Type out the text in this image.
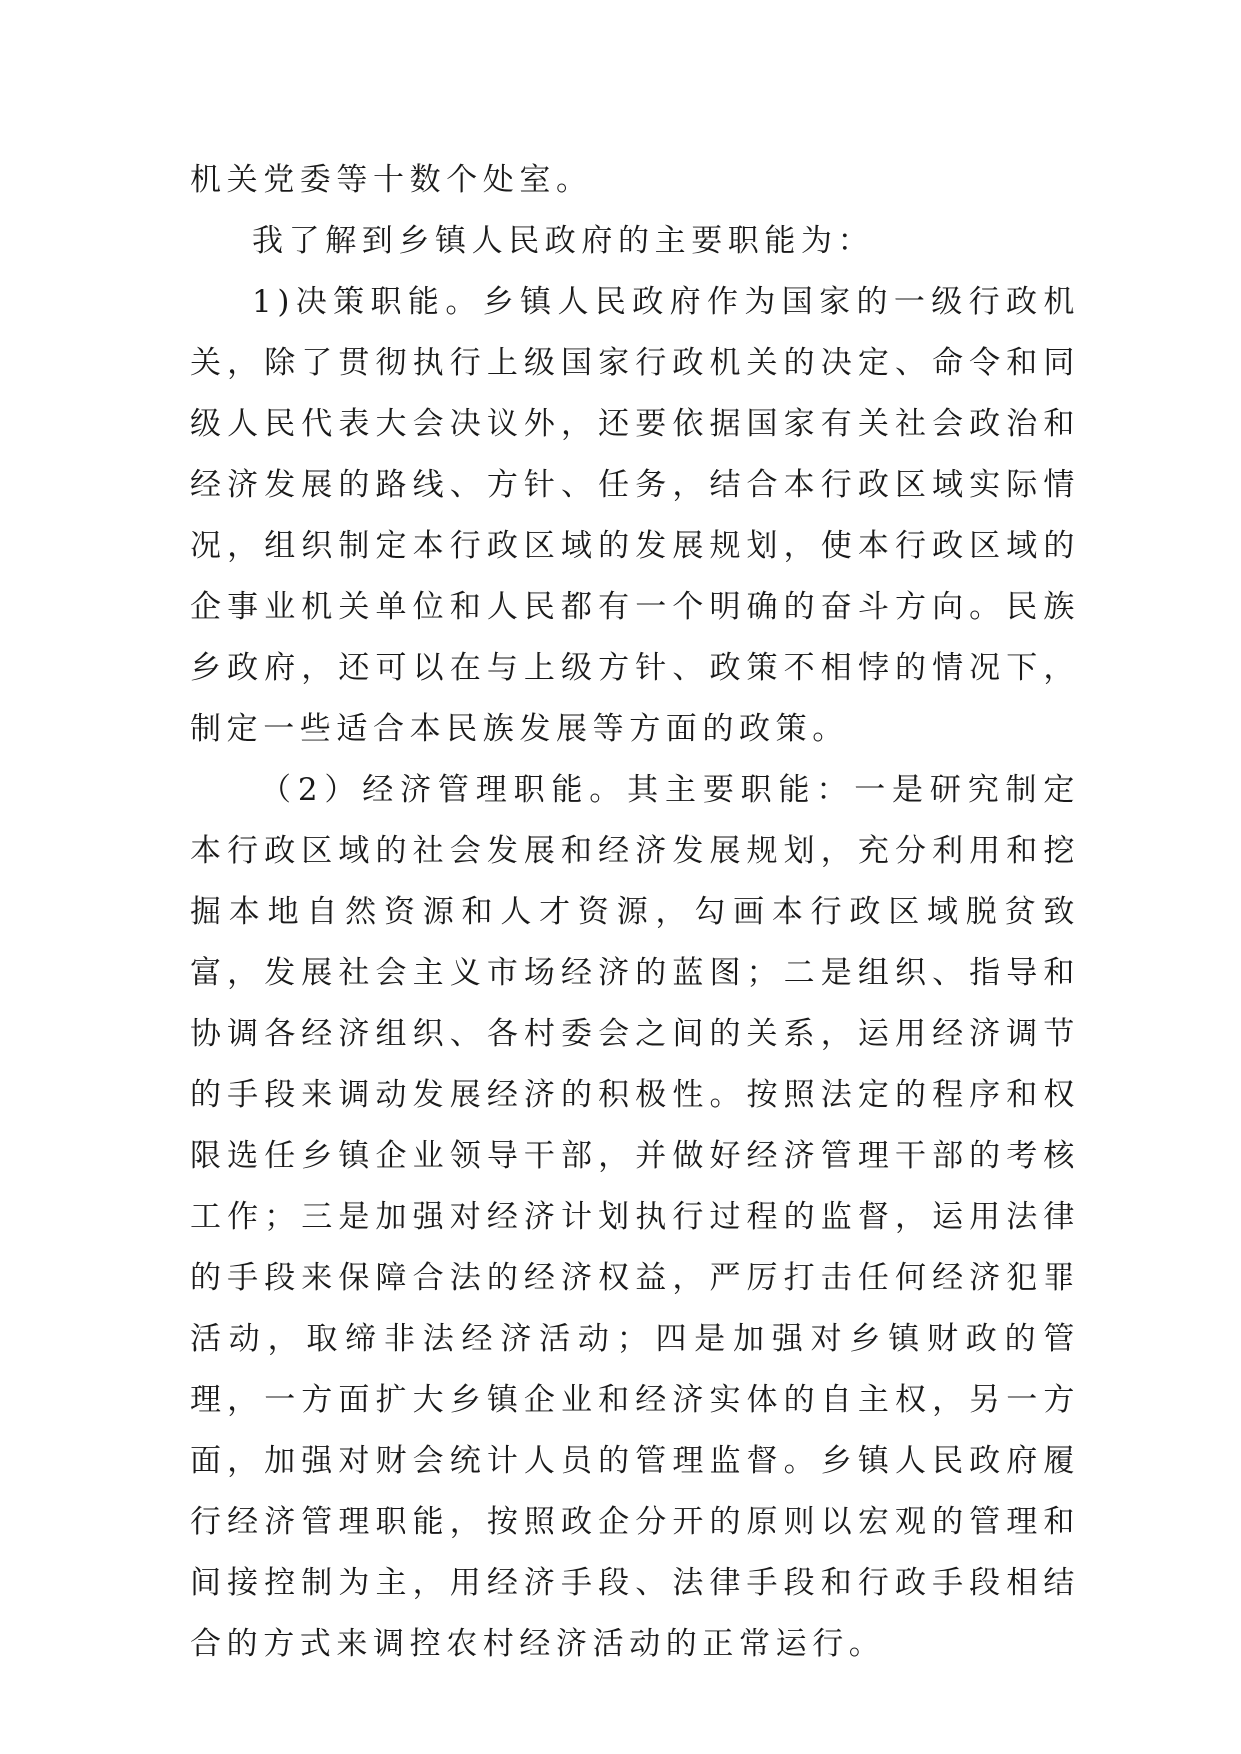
机关党委等十数个处室。

我了解到乡镇人民政府的主要职能为：

1)决策职能。乡镇人民政府作为国家的一级行政机关，除了贯彻执行上级国家行政机关的决定、命令和同级人民代表大会决议外，还要依据国家有关社会政治和经济发展的路线、方针、任务，结合本行政区域实际情况，组织制定本行政区域的发展规划，使本行政区域的企事业机关单位和人民都有一个明确的奋斗方向。民族乡政府，还可以在与上级方针、政策不相悖的情况下，制定一些适合本民族发展等方面的政策。

（2）经济管理职能。其主要职能：一是研究制定本行政区域的社会发展和经济发展规划，充分利用和挖掘本地自然资源和人才资源，勾画本行政区域脱贫致富，发展社会主义市场经济的蓝图；二是组织、指导和协调各经济组织、各村委会之间的关系，运用经济调节的手段来调动发展经济的积极性。按照法定的程序和权限选任乡镇企业领导干部，并做好经济管理干部的考核工作；三是加强对经济计划执行过程的监督，运用法律的手段来保障合法的经济权益，严厉打击任何经济犯罪活动，取缔非法经济活动；四是加强对乡镇财政的管理，一方面扩大乡镇企业和经济实体的自主权，另一方面，加强对财会统计人员的管理监督。乡镇人民政府履行经济管理职能，按照政企分开的原则以宏观的管理和间接控制为主，用经济手段、法律手段和行政手段相结合的方式来调控农村经济活动的正常运行。
